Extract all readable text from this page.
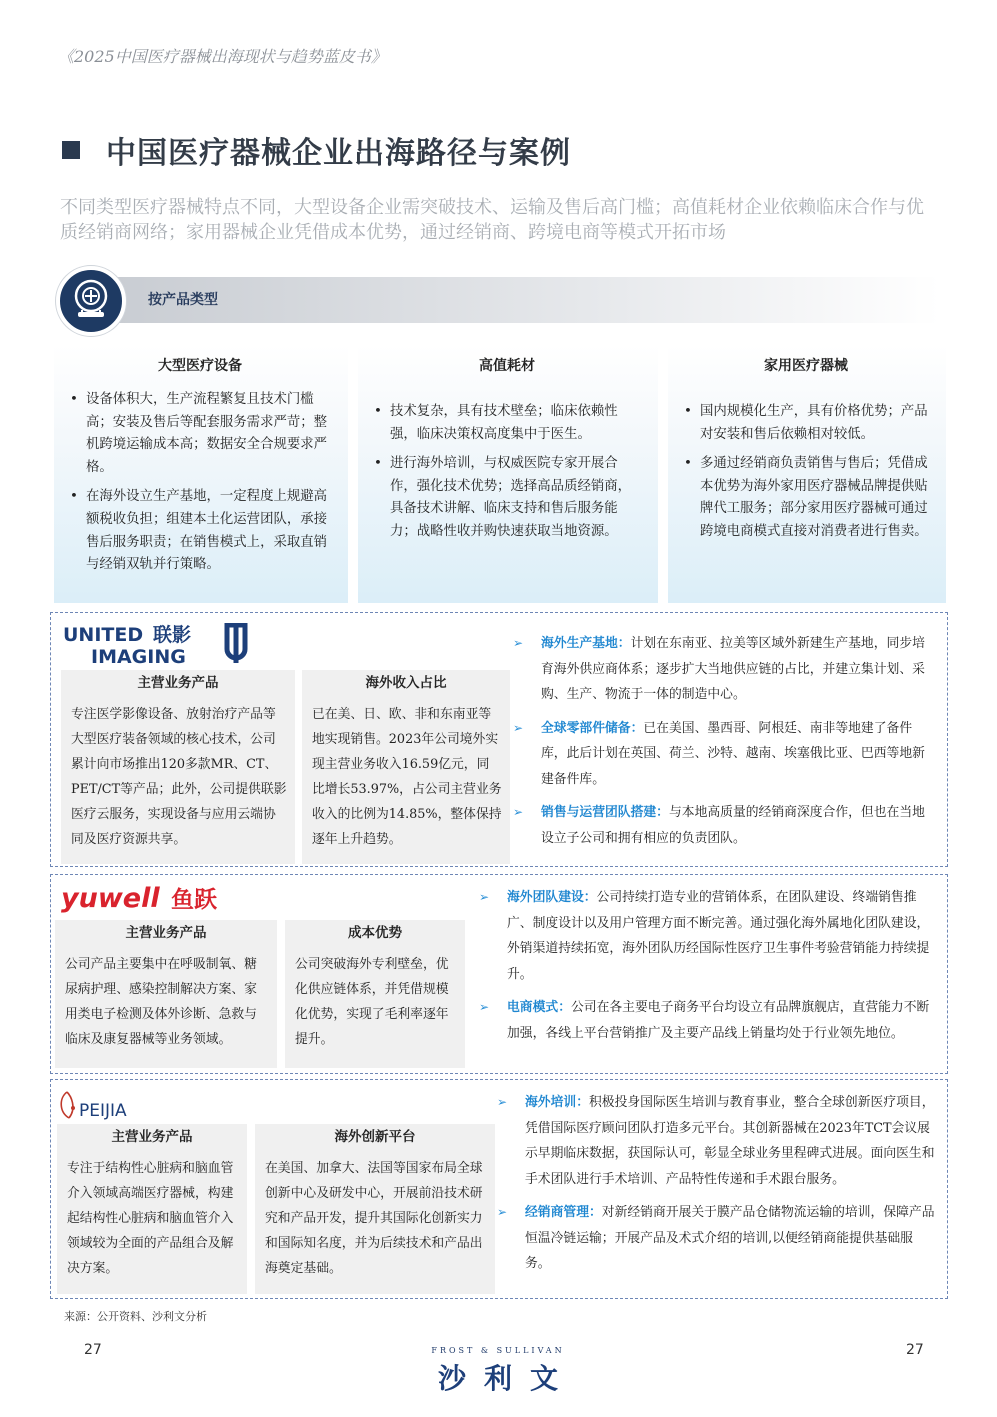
《2025中国医疗器械出海现状与趋势蓝皮书》
中国医疗器械企业出海路径与案例
不同类型医疗器械特点不同，大型设备企业需突破技术、运输及售后高门槛；高值耗材企业依赖临床合作与优质经销商网络；家用器械企业凭借成本优势，通过经销商、跨境电商等模式开拓市场
按产品类型
大型医疗设备
• 设备体积大，生产流程繁复且技术门槛高；安装及售后等配套服务需求严苛；整机跨境运输成本高；数据安全合规要求严格。
• 在海外设立生产基地，一定程度上规避高额税收负担；组建本土化运营团队，承接售后服务职责；在销售模式上，采取直销与经销双轨并行策略。
高值耗材
• 技术复杂，具有技术壁垒；临床依赖性强，临床决策权高度集中于医生。
• 进行海外培训，与权威医院专家开展合作，强化技术优势；选择高品质经销商，具备技术讲解、临床支持和售后服务能力；战略性收并购快速获取当地资源。
家用医疗器械
• 国内规模化生产，具有价格优势；产品对安装和售后依赖相对较低。
• 多通过经销商负责销售与售后；凭借成本优势为海外家用医疗器械品牌提供贴牌代工服务；部分家用医疗器械可通过跨境电商模式直接对消费者进行售卖。
UNITED 联影
IMAGING
主营业务产品

专注医学影像设备、放射治疗产品等大型医疗装备领域的核心技术，公司累计向市场推出120多款MR、CT、PET/CT等产品；此外，公司提供联影医疗云服务，实现设备与应用云端协同及医疗资源共享。

海外收入占比

已在美、日、欧、非和东南亚等地实现销售。2023年公司境外实现主营业务收入16.59亿元，同比增长53.97%，占公司主营业务收入的比例为14.85%，整体保持逐年上升趋势。

➢ 海外生产基地：计划在东南亚、拉美等区域外新建生产基地，同步培育海外供应商体系；逐步扩大当地供应链的占比，并建立集计划、采购、生产、物流于一体的制造中心。
➢ 全球零部件储备：已在美国、墨西哥、阿根廷、南非等地建了备件库，此后计划在英国、荷兰、沙特、越南、埃塞俄比亚、巴西等地新建备件库。
➢ 销售与运营团队搭建：与本地高质量的经销商深度合作，但也在当地设立子公司和拥有相应的负责团队。
yuwell 鱼跃
主营业务产品

公司产品主要集中在呼吸制氧、糖尿病护理、感染控制解决方案、家用类电子检测及体外诊断、急救与临床及康复器械等业务领域。

成本优势

公司突破海外专利壁垒，优化供应链体系，并凭借规模化优势，实现了毛利率逐年提升。

➢ 海外团队建设：公司持续打造专业的营销体系，在团队建设、终端销售推广、制度设计以及用户管理方面不断完善。通过强化海外属地化团队建设，外销渠道持续拓宽，海外团队历经国际性医疗卫生事件考验营销能力持续提升。
➢ 电商模式：公司在各主要电子商务平台均设立有品牌旗舰店，直营能力不断加强，各线上平台营销推广及主要产品线上销量均处于行业领先地位。
PEIJIA
主营业务产品

专注于结构性心脏病和脑血管介入领域高端医疗器械，构建起结构性心脏病和脑血管介入领域较为全面的产品组合及解决方案。

海外创新平台

在美国、加拿大、法国等国家布局全球创新中心及研发中心，开展前沿技术研究和产品开发，提升其国际化创新实力和国际知名度，并为后续技术和产品出海奠定基础。

➢ 海外培训：积极投身国际医生培训与教育事业，整合全球创新医疗项目，凭借国际医疗顾问团队打造多元平台。其创新器械在2023年TCT会议展示早期临床数据，获国际认可，彰显全球业务里程碑式进展。面向医生和手术团队进行手术培训、产品特性传递和手术跟台服务。
➢ 经销商管理：对新经销商开展关于膜产品仓储物流运输的培训，保障产品恒温冷链运输；开展产品及术式介绍的培训,以便经销商能提供基础服务。
来源：公开资料、沙利文分析
27	27
FROST & SULLIVAN
沙利文
